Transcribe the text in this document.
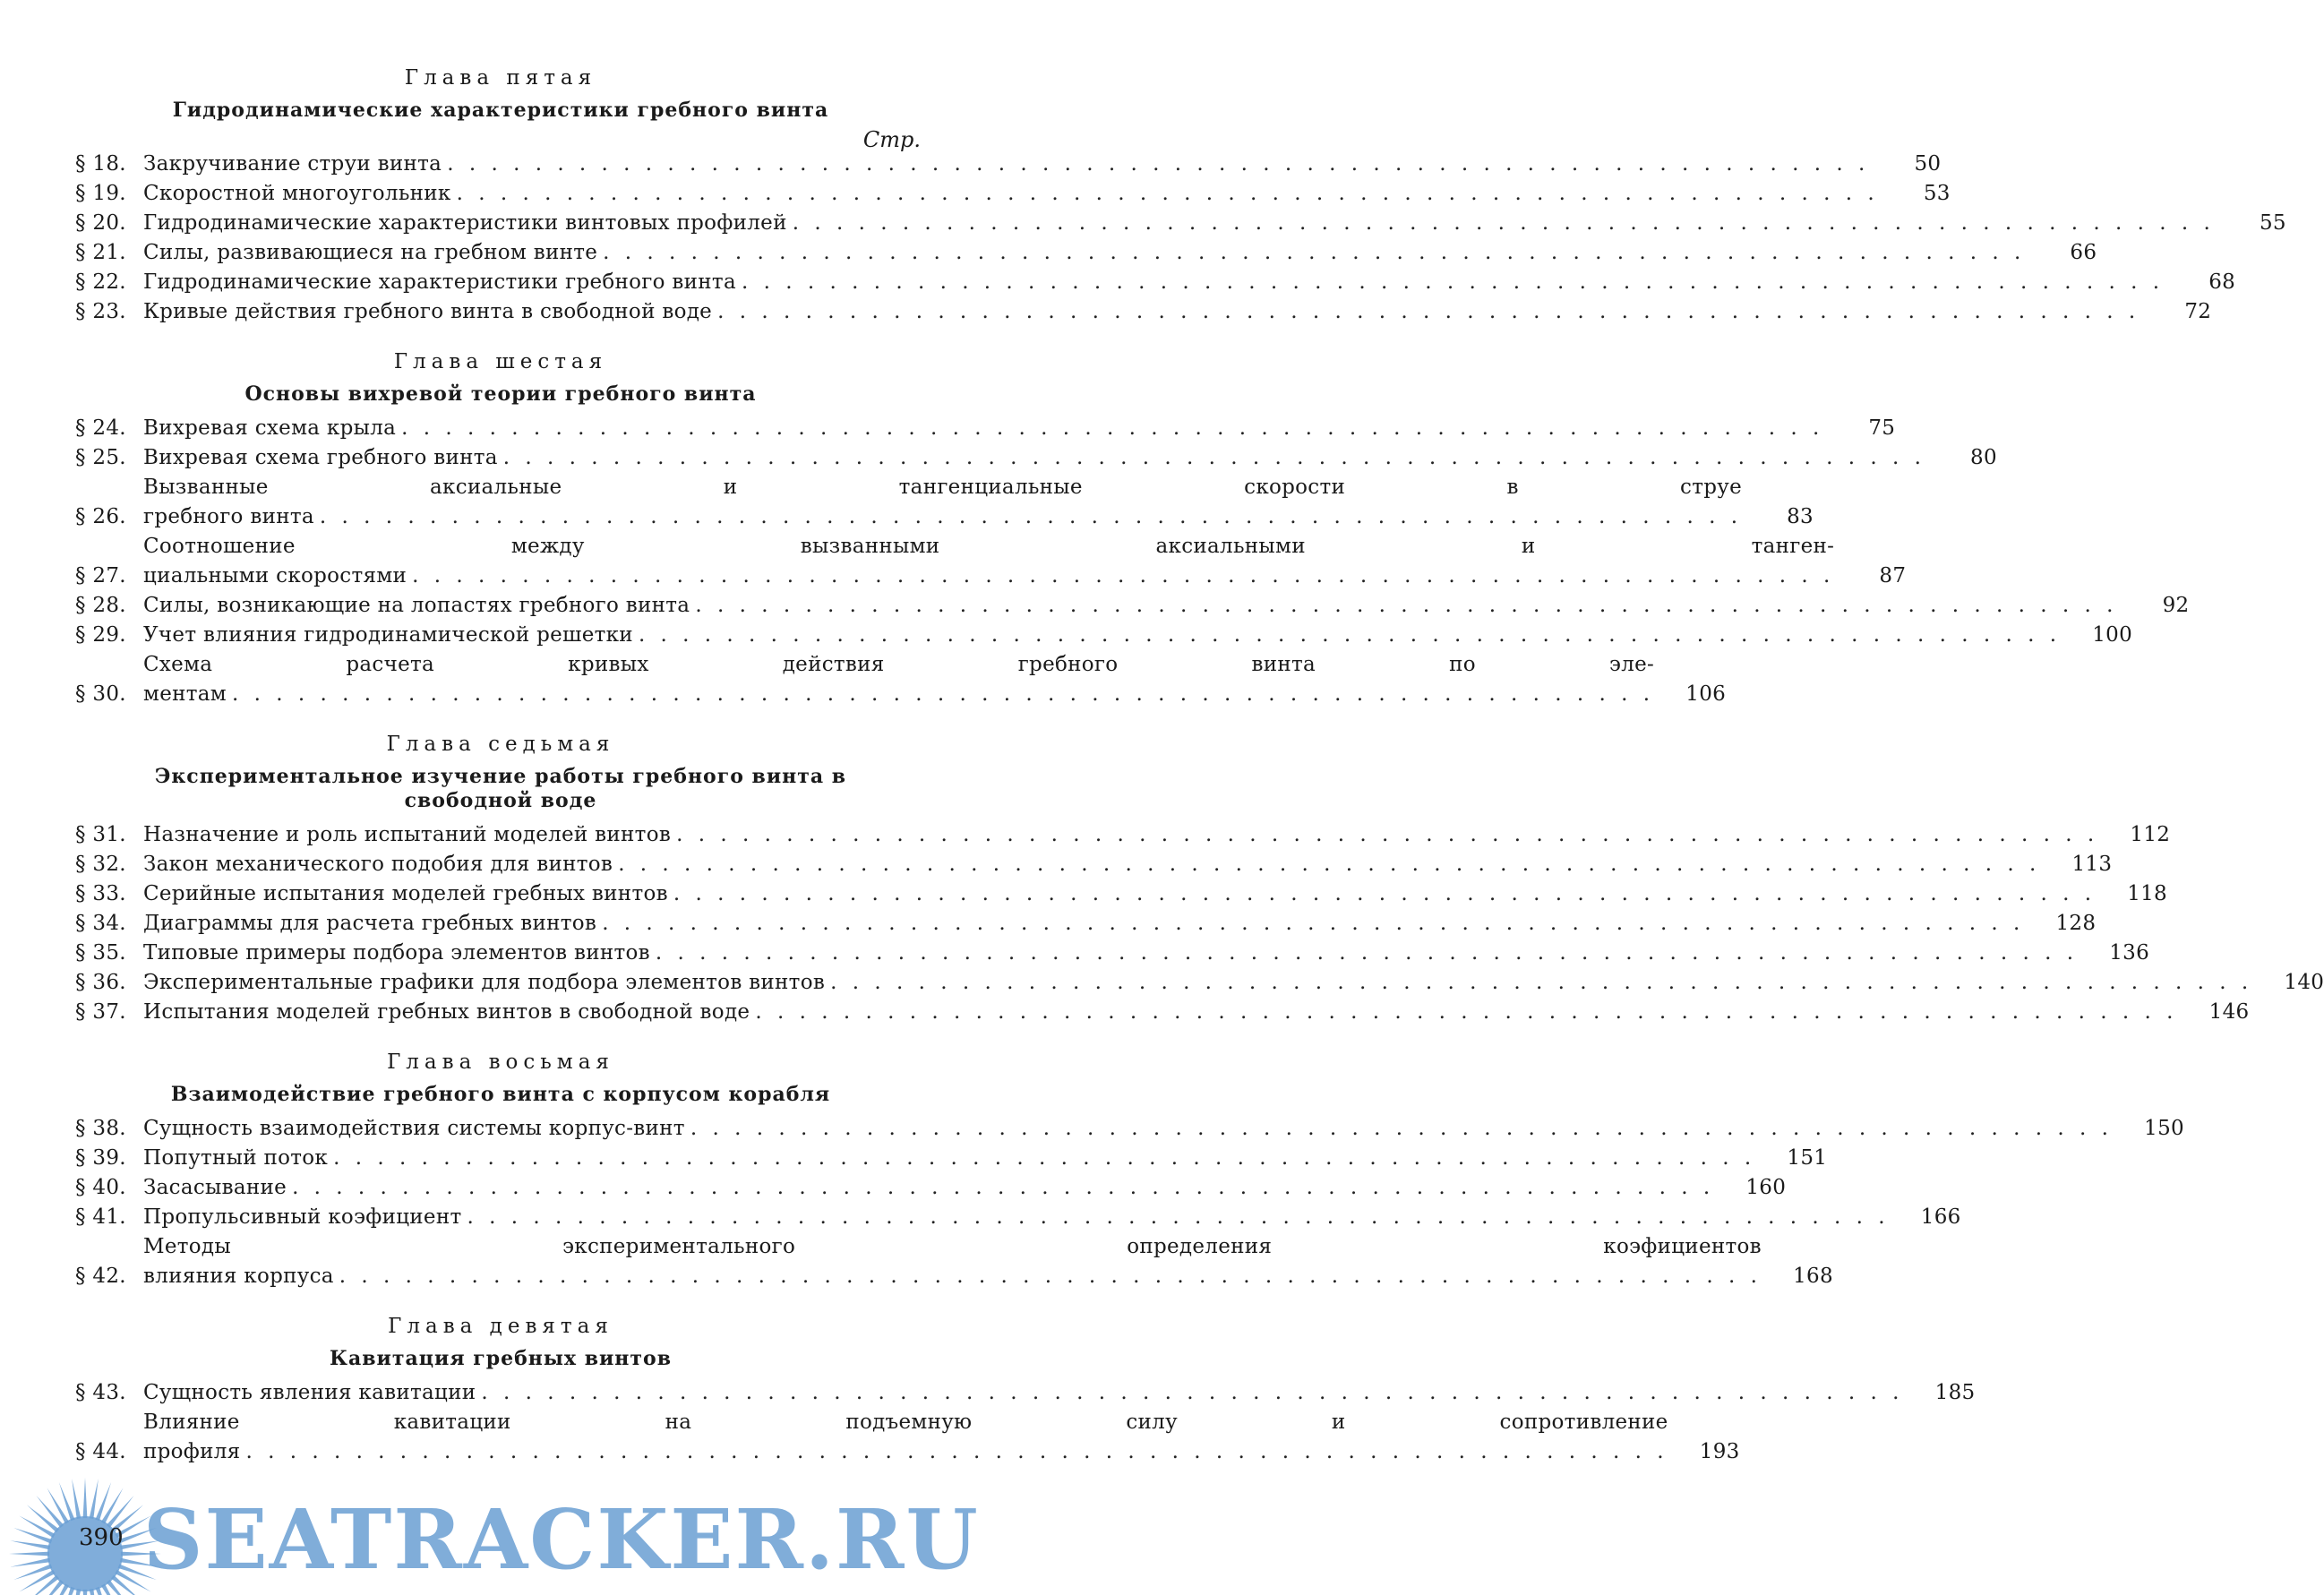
Глава пятая
Гидродинамические характеристики гребного винта
Стр.
§ 18. Закручивание струи винта . . .	50
§ 19. Скоростной многоугольник . . .	53
§ 20. Гидродинамические характеристики винтовых профилей . . .	55
§ 21. Силы, развивающиеся на гребном винте . . .	66
§ 22. Гидродинамические характеристики гребного винта . . .	68
§ 23. Кривые действия гребного винта в свободной воде . . .	72
Глава шестая
Основы вихревой теории гребного винта
§ 24. Вихревая схема крыла . . .	75
§ 25. Вихревая схема гребного винта . . .	80
§ 26.
Вызванные аксиальные и тангенциальные скорости в струе
гребного винта . . .	83
§ 27.
Соотношение между вызванными аксиальными и танген-
циальными скоростями . . .	87
§ 28. Силы, возникающие на лопастях гребного винта . . .	92
§ 29. Учет влияния гидродинамической решетки . . .	100
§ 30.
Схема расчета кривых действия гребного винта по эле-
ментам . . .	106
Глава седьмая
Экспериментальное изучение работы гребного винта в свободной воде
§ 31. Назначение и роль испытаний моделей винтов . . .	112
§ 32. Закон механического подобия для винтов . . .	113
§ 33. Серийные испытания моделей гребных винтов . . .	118
§ 34. Диаграммы для расчета гребных винтов . . .	128
§ 35. Типовые примеры подбора элементов винтов . . .	136
§ 36. Экспериментальные графики для подбора элементов винтов . . .	140
§ 37. Испытания моделей гребных винтов в свободной воде . . .	146
Глава восьмая
Взаимодействие гребного винта с корпусом корабля
§ 38. Сущность взаимодействия системы корпус-винт . . .	150
§ 39. Попутный поток . . .	151
§ 40. Засасывание . . .	160
§ 41. Пропульсивный коэфициент . . .	166
§ 42.
Методы экспериментального определения коэфициентов
влияния корпуса . . .	168
Глава девятая
Кавитация гребных винтов
§ 43. Сущность явления кавитации . . .	185
§ 44.
Влияние кавитации на подъемную силу и сопротивление
профиля . . .	193
SEATRACKER.RU
390
